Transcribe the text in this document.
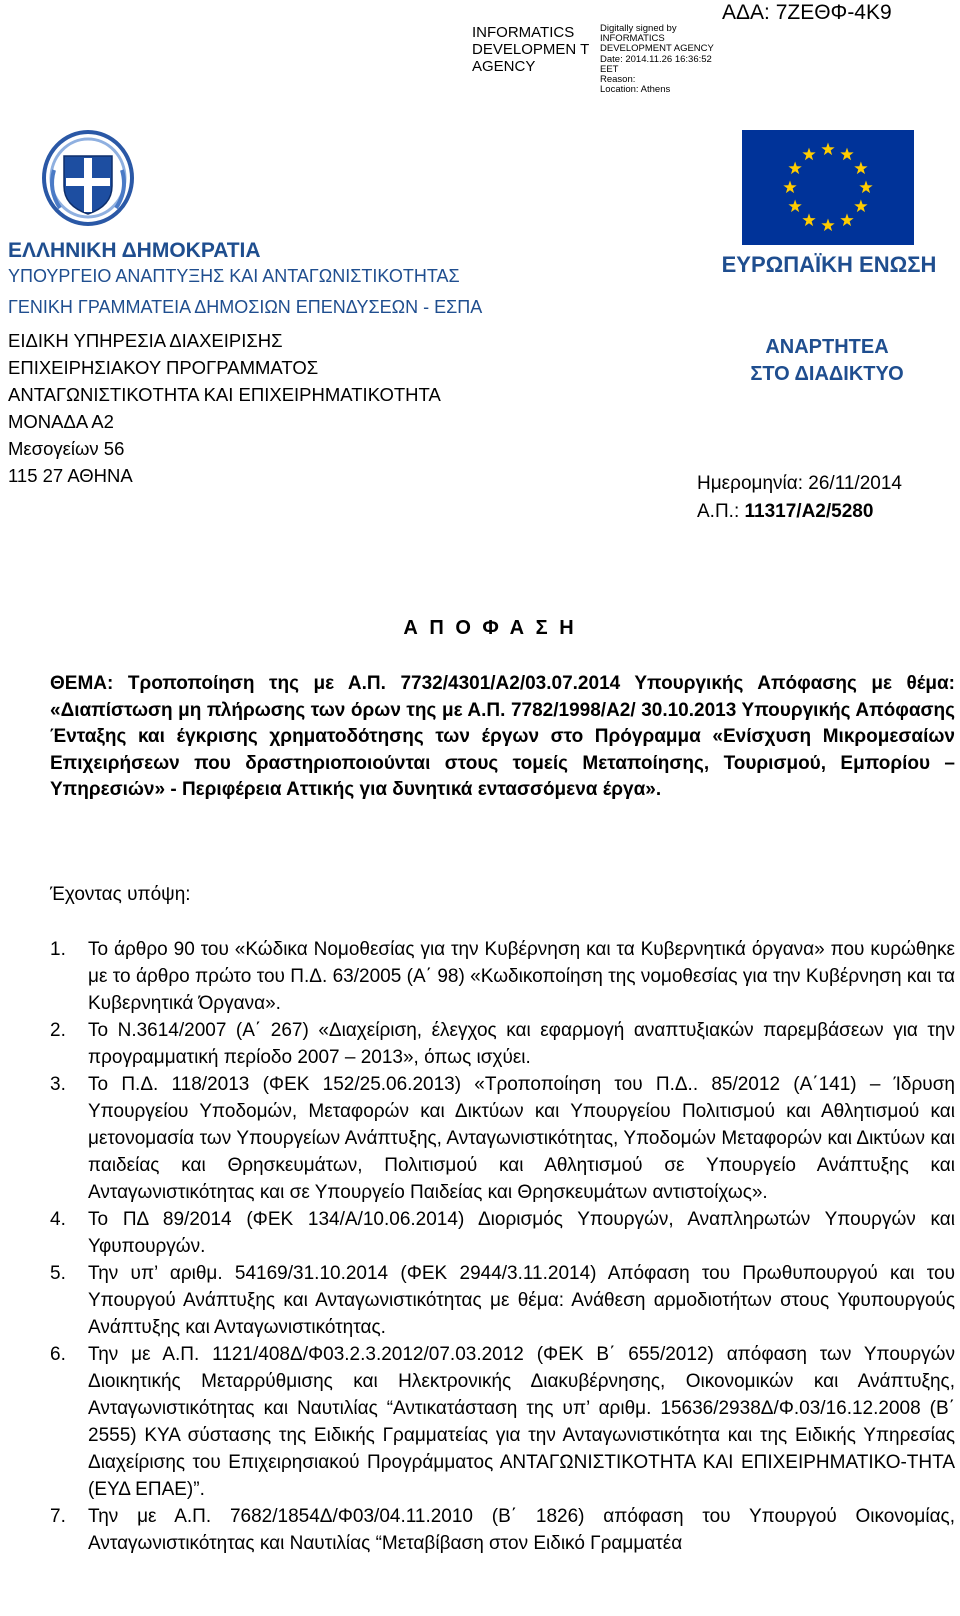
INFORMATICS DEVELOPMEN T AGENCY
Digitally signed by
INFORMATICS
DEVELOPMENT AGENCY
Date: 2014.11.26 16:36:52
EET
Reason:
Location: Athens
ΑΔΑ: 7ΖΕΘΦ-4Κ9
ΕΛΛΗΝΙΚΗ ΔΗΜΟΚΡΑΤΙΑ
ΥΠΟΥΡΓΕΙΟ ΑΝΑΠΤΥΞΗΣ ΚΑΙ ΑΝΤΑΓΩΝΙΣΤΙΚΟΤΗΤΑΣ
ΓΕΝΙΚΗ ΓΡΑΜΜΑΤΕΙΑ ΔΗΜΟΣΙΩΝ ΕΠΕΝΔΥΣΕΩΝ - ΕΣΠΑ
ΕΙΔΙΚΗ ΥΠΗΡΕΣΙΑ ΔΙΑΧΕΙΡΙΣΗΣ
ΕΠΙΧΕΙΡΗΣΙΑΚΟΥ ΠΡΟΓΡΑΜΜΑΤΟΣ
ΑΝΤΑΓΩΝΙΣΤΙΚΟΤΗΤΑ ΚΑΙ ΕΠΙΧΕΙΡΗΜΑΤΙΚΟΤΗΤΑ
ΜΟΝΑΔΑ Α2
Μεσογείων 56
115 27 ΑΘΗΝΑ
ΕΥΡΩΠΑΪΚΗ ΕΝΩΣΗ
ΑΝΑΡΤΗΤΕΑ
ΣΤΟ ΔΙΑΔΙΚΤΥΟ
Ημερομηνία: 26/11/2014
Α.Π.: 11317/Α2/5280
Α Π Ο Φ Α Σ Η
ΘΕΜΑ: Τροποποίηση της με Α.Π. 7732/4301/Α2/03.07.2014 Υπουργικής Απόφασης με θέμα: «Διαπίστωση μη πλήρωσης των όρων της με Α.Π. 7782/1998/Α2/ 30.10.2013 Υπουργικής Απόφασης Ένταξης και έγκρισης χρηματοδότησης των έργων στο Πρόγραμμα «Ενίσχυση Μικρομεσαίων Επιχειρήσεων που δραστηριοποιούνται στους τομείς Μεταποίησης, Τουρισμού, Εμπορίου – Υπηρεσιών» - Περιφέρεια Αττικής για δυνητικά εντασσόμενα έργα».
Έχοντας υπόψη:
1.	Το άρθρο 90 του «Κώδικα Νομοθεσίας για την Κυβέρνηση και τα Κυβερνητικά όργανα» που κυρώθηκε με το άρθρο πρώτο του Π.Δ. 63/2005 (Α΄ 98) «Κωδικοποίηση της νομοθεσίας για την Κυβέρνηση και τα Κυβερνητικά Όργανα».
2.	Το Ν.3614/2007 (Α΄ 267) «Διαχείριση, έλεγχος και εφαρμογή αναπτυξιακών παρεμβάσεων για την προγραμματική περίοδο 2007 – 2013», όπως ισχύει.
3.	Το Π.Δ. 118/2013 (ΦΕΚ 152/25.06.2013) «Τροποποίηση του Π.Δ.. 85/2012 (Α΄141) – Ίδρυση Υπουργείου Υποδομών, Μεταφορών και Δικτύων και Υπουργείου Πολιτισμού και Αθλητισμού και μετονομασία των Υπουργείων Ανάπτυξης, Ανταγωνιστικότητας, Υποδομών Μεταφορών και Δικτύων και παιδείας και Θρησκευμάτων, Πολιτισμού και Αθλητισμού σε Υπουργείο Ανάπτυξης και Ανταγωνιστικότητας και σε Υπουργείο Παιδείας και Θρησκευμάτων αντιστοίχως».
4.	Το ΠΔ 89/2014 (ΦΕΚ 134/Α/10.06.2014) Διορισμός Υπουργών, Αναπληρωτών Υπουργών και Υφυπουργών.
5.	Την υπ’ αριθμ. 54169/31.10.2014 (ΦΕΚ 2944/3.11.2014) Απόφαση του Πρωθυπουργού και του Υπουργού Ανάπτυξης και Ανταγωνιστικότητας με θέμα: Ανάθεση αρμοδιοτήτων στους Υφυπουργούς Ανάπτυξης και Ανταγωνιστικότητας.
6.	Την με Α.Π. 1121/408Δ/Φ03.2.3.2012/07.03.2012 (ΦΕΚ Β΄ 655/2012) απόφαση των Υπουργών Διοικητικής Μεταρρύθμισης και Ηλεκτρονικής Διακυβέρνησης, Οικονομικών και Ανάπτυξης, Ανταγωνιστικότητας και Ναυτιλίας “Αντικατάσταση της υπ’ αριθμ. 15636/2938Δ/Φ.03/16.12.2008 (Β΄ 2555) ΚΥΑ σύστασης της Ειδικής Γραμματείας για την Ανταγωνιστικότητα και της Ειδικής Υπηρεσίας Διαχείρισης του Επιχειρησιακού Προγράμματος ΑΝΤΑΓΩΝΙΣΤΙΚΟΤΗΤΑ ΚΑΙ ΕΠΙΧΕΙΡΗΜΑΤΙΚΟ-ΤΗΤΑ (ΕΥΔ ΕΠΑΕ)”.
7.	Την με Α.Π. 7682/1854Δ/Φ03/04.11.2010 (Β΄ 1826) απόφαση του Υπουργού Οικονομίας, Ανταγωνιστικότητας και Ναυτιλίας “Μεταβίβαση στον Ειδικό Γραμματέα
